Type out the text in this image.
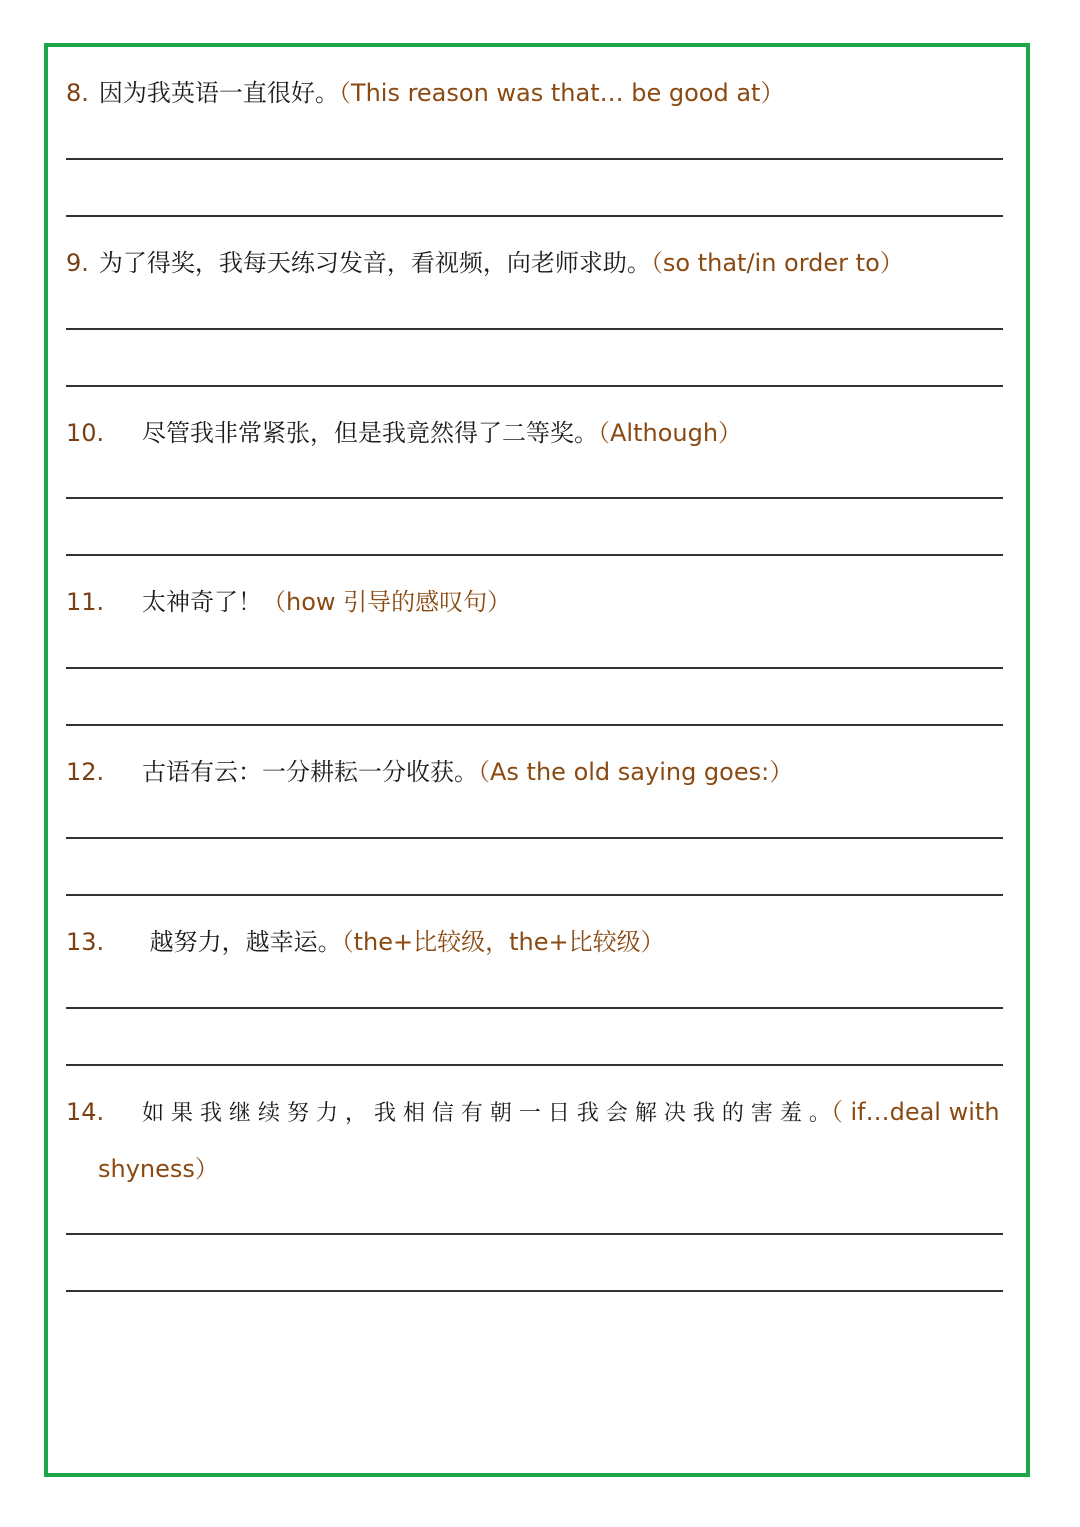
8. 因为我英语一直很好。（This reason was that… be good at）
9. 为了得奖，我每天练习发音，看视频，向老师求助。（so that/in order to）
10. 尽管我非常紧张，但是我竟然得了二等奖。（Although）
11. 太神奇了！（how 引导的感叹句）
12. 古语有云：一分耕耘一分收获。（As the old saying goes:）
13. 越努力，越幸运。（the+比较级，the+比较级）
14. 如 果 我 继 续 努 力 ， 我 相 信 有 朝 一 日 我 会 解 决 我 的 害 羞 。（ if…deal with
shyness）
